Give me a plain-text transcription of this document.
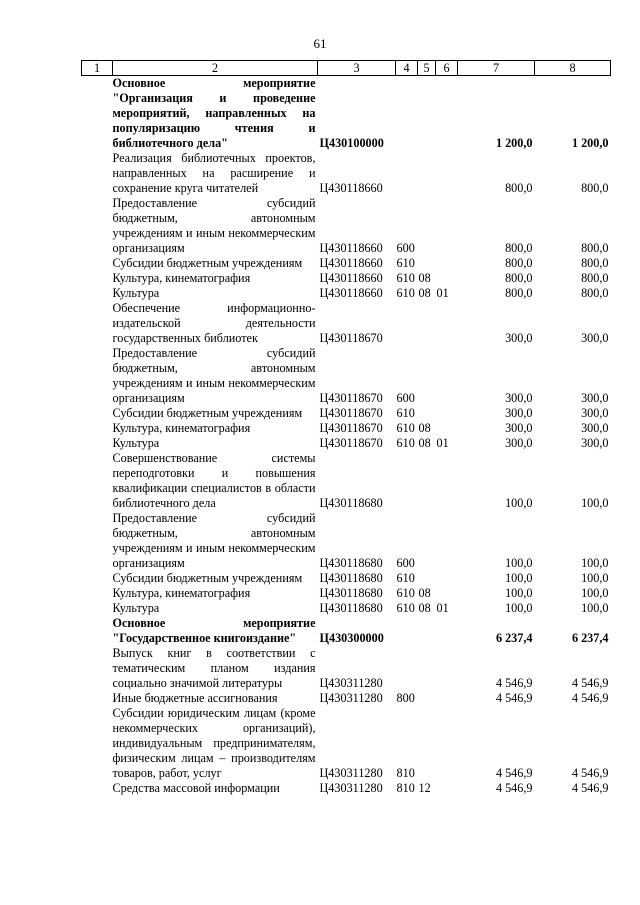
61
1	2	3	4	5	6	7	8
	Основное мероприятие "Организация и проведение мероприятий, направленных на популяризацию чтения и библиотечного дела"	Ц430100000				1 200,0	1 200,0
	Реализация библиотечных проектов, направленных на расширение и сохранение круга читателей	Ц430118660				800,0	800,0
	Предоставление субсидий бюджетным, автономным учреждениям и иным некоммерческим организациям	Ц430118660	600			800,0	800,0
	Субсидии бюджетным учреждениям	Ц430118660	610			800,0	800,0
	Культура, кинематография	Ц430118660	610	08		800,0	800,0
	Культура	Ц430118660	610	08	01	800,0	800,0
	Обеспечение информационно-издательской деятельности государственных библиотек	Ц430118670				300,0	300,0
	Предоставление субсидий бюджетным, автономным учреждениям и иным некоммерческим организациям	Ц430118670	600			300,0	300,0
	Субсидии бюджетным учреждениям	Ц430118670	610			300,0	300,0
	Культура, кинематография	Ц430118670	610	08		300,0	300,0
	Культура	Ц430118670	610	08	01	300,0	300,0
	Совершенствование системы переподготовки и повышения квалификации специалистов в области библиотечного дела	Ц430118680				100,0	100,0
	Предоставление субсидий бюджетным, автономным учреждениям и иным некоммерческим организациям	Ц430118680	600			100,0	100,0
	Субсидии бюджетным учреждениям	Ц430118680	610			100,0	100,0
	Культура, кинематография	Ц430118680	610	08		100,0	100,0
	Культура	Ц430118680	610	08	01	100,0	100,0
	Основное мероприятие "Государственное книгоиздание"	Ц430300000				6 237,4	6 237,4
	Выпуск книг в соответствии с тематическим планом издания социально значимой литературы	Ц430311280				4 546,9	4 546,9
	Иные бюджетные ассигнования	Ц430311280	800			4 546,9	4 546,9
	Субсидии юридическим лицам (кроме некоммерческих организаций), индивидуальным предпринимателям, физическим лицам – производителям товаров, работ, услуг	Ц430311280	810			4 546,9	4 546,9
	Средства массовой информации	Ц430311280	810	12		4 546,9	4 546,9
